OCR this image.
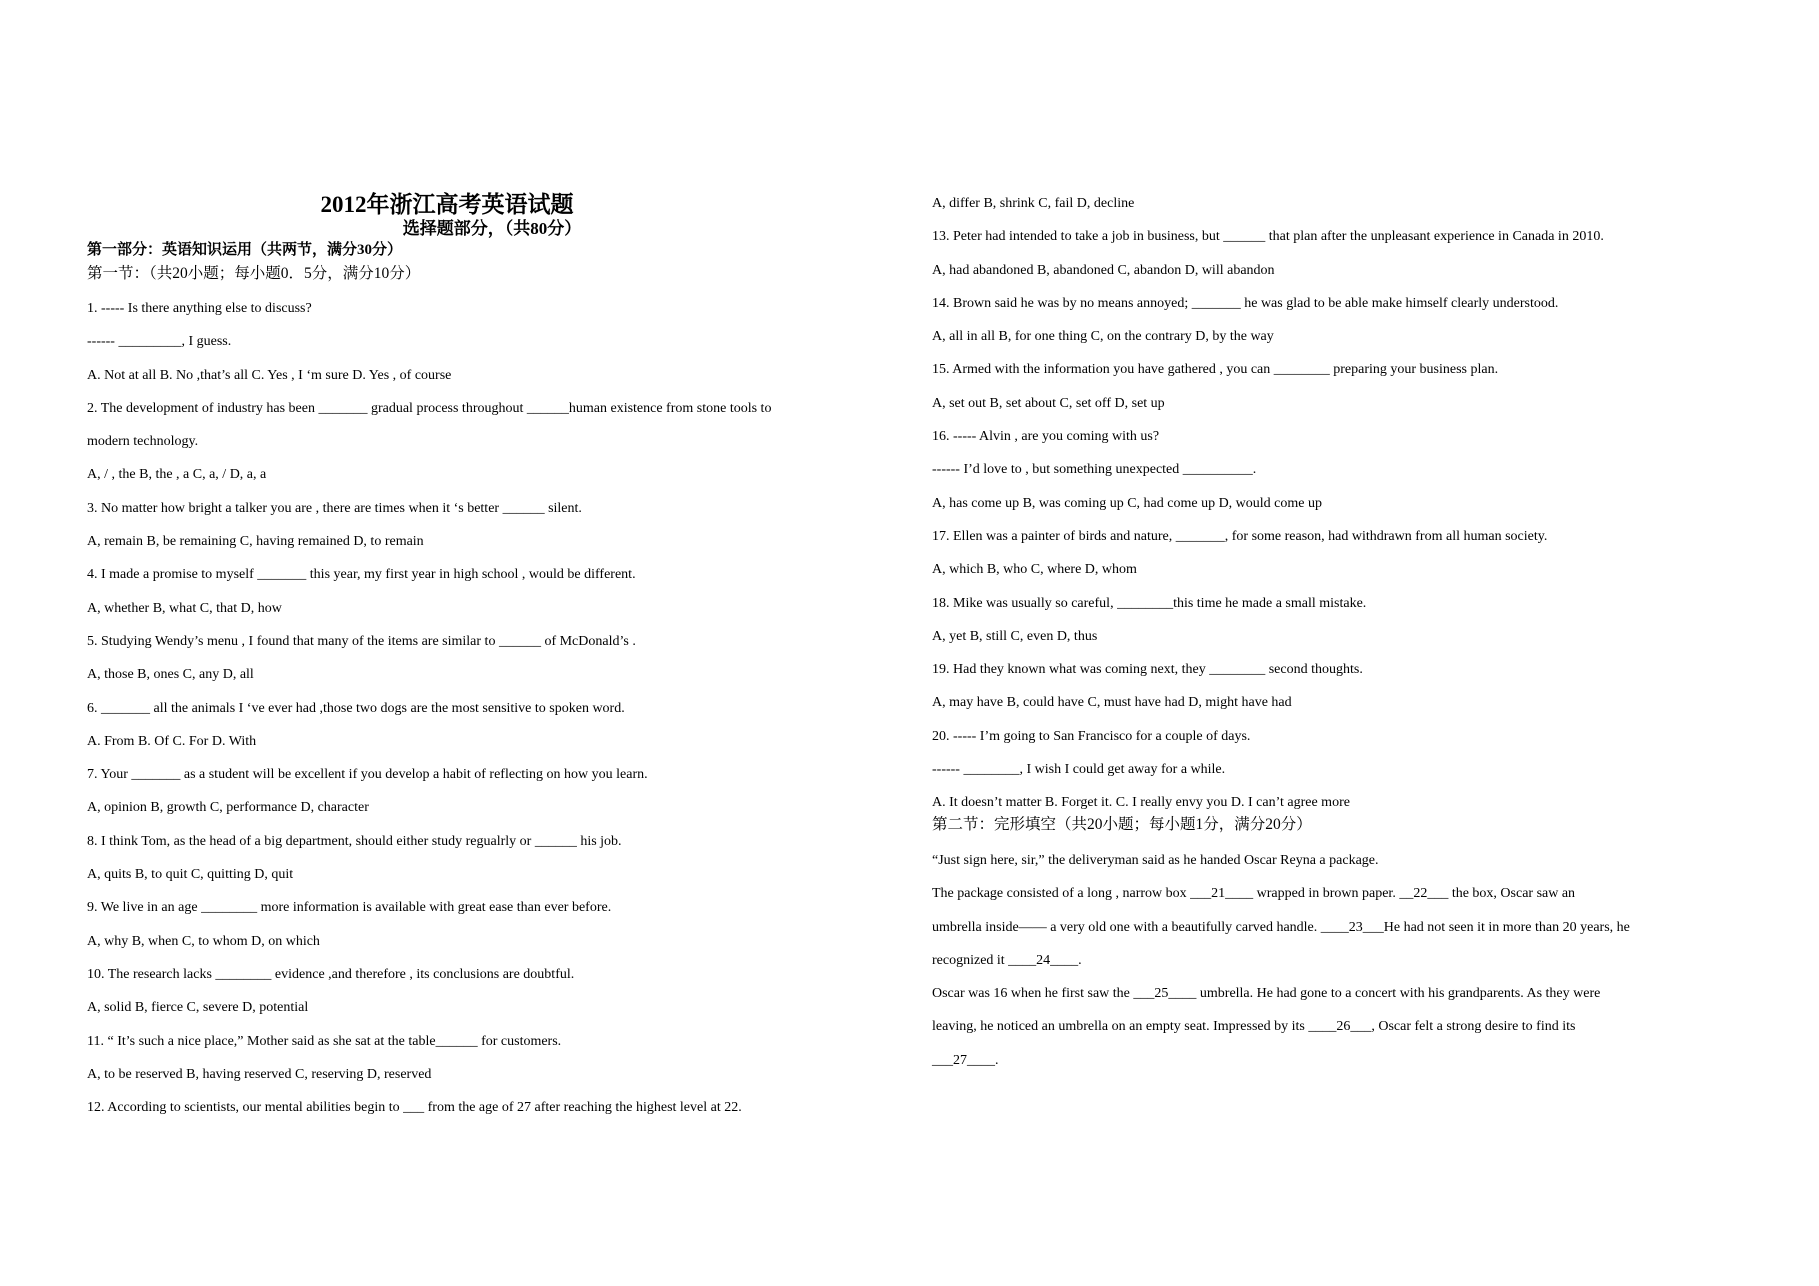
2012年浙江高考英语试题
选择题部分，（共80分）
第一部分：英语知识运用（共两节，满分30分）
第一节：（共20小题；每小题0．5分，满分10分）
第二节：完形填空（共20小题；每小题1分，满分20分）
1. ----- Is there anything else to discuss?
------ _________, I guess.
A. Not at all B. No ,that’s all C. Yes , I ‘m sure D. Yes , of course
2. The development of industry has been _______ gradual process throughout ______human existence from stone tools to
modern technology.
A, / , the B, the , a C, a, / D, a, a
3. No matter how bright a talker you are , there are times when it ‘s better ______ silent.
A, remain B, be remaining C, having remained D, to remain
4. I made a promise to myself _______ this year, my first year in high school , would be different.
A, whether B, what C, that D, how
5. Studying Wendy’s menu , I found that many of the items are similar to ______ of McDonald’s .
A, those B, ones C, any D, all
6. _______ all the animals I ‘ve ever had ,those two dogs are the most sensitive to spoken word.
A. From B. Of C. For D. With
7. Your _______ as a student will be excellent if you develop a habit of reflecting on how you learn.
A, opinion B, growth C, performance D, character
8. I think Tom, as the head of a big department, should either study regualrly or ______ his job.
A, quits B, to quit C, quitting D, quit
9. We live in an age ________ more information is available with great ease than ever before.
A, why B, when C, to whom D, on which
10. The research lacks ________ evidence ,and therefore , its conclusions are doubtful.
A, solid B, fierce C, severe D, potential
11. “ It’s such a nice place,” Mother said as she sat at the table______ for customers.
A, to be reserved B, having reserved C, reserving D, reserved
12. According to scientists, our mental abilities begin to ___ from the age of 27 after reaching the highest level at 22.
A, differ B, shrink C, fail D, decline
13. Peter had intended to take a job in business, but ______ that plan after the unpleasant experience in Canada in 2010.
A, had abandoned B, abandoned C, abandon D, will abandon
14. Brown said he was by no means annoyed; _______ he was glad to be able make himself clearly understood.
A, all in all B, for one thing C, on the contrary D, by the way
15. Armed with the information you have gathered , you can ________ preparing your business plan.
A, set out B, set about C, set off D, set up
16. ----- Alvin , are you coming with us?
------ I’d love to , but something unexpected __________.
A, has come up B, was coming up C, had come up D, would come up
17. Ellen was a painter of birds and nature, _______, for some reason, had withdrawn from all human society.
A, which B, who C, where D, whom
18. Mike was usually so careful, ________this time he made a small mistake.
A, yet B, still C, even D, thus
19. Had they known what was coming next, they ________ second thoughts.
A, may have B, could have C, must have had D, might have had
20. ----- I’m going to San Francisco for a couple of days.
------ ________, I wish I could get away for a while.
A. It doesn’t matter B. Forget it. C. I really envy you D. I can’t agree more
“Just sign here, sir,” the deliveryman said as he handed Oscar Reyna a package.
The package consisted of a long , narrow box ___21____ wrapped in brown paper. __22___ the box, Oscar saw an
umbrella inside—— a very old one with a beautifully carved handle. ____23___He had not seen it in more than 20 years, he
recognized it ____24____.
Oscar was 16 when he first saw the ___25____ umbrella. He had gone to a concert with his grandparents. As they were
leaving, he noticed an umbrella on an empty seat. Impressed by its ____26___, Oscar felt a strong desire to find its
___27____.
